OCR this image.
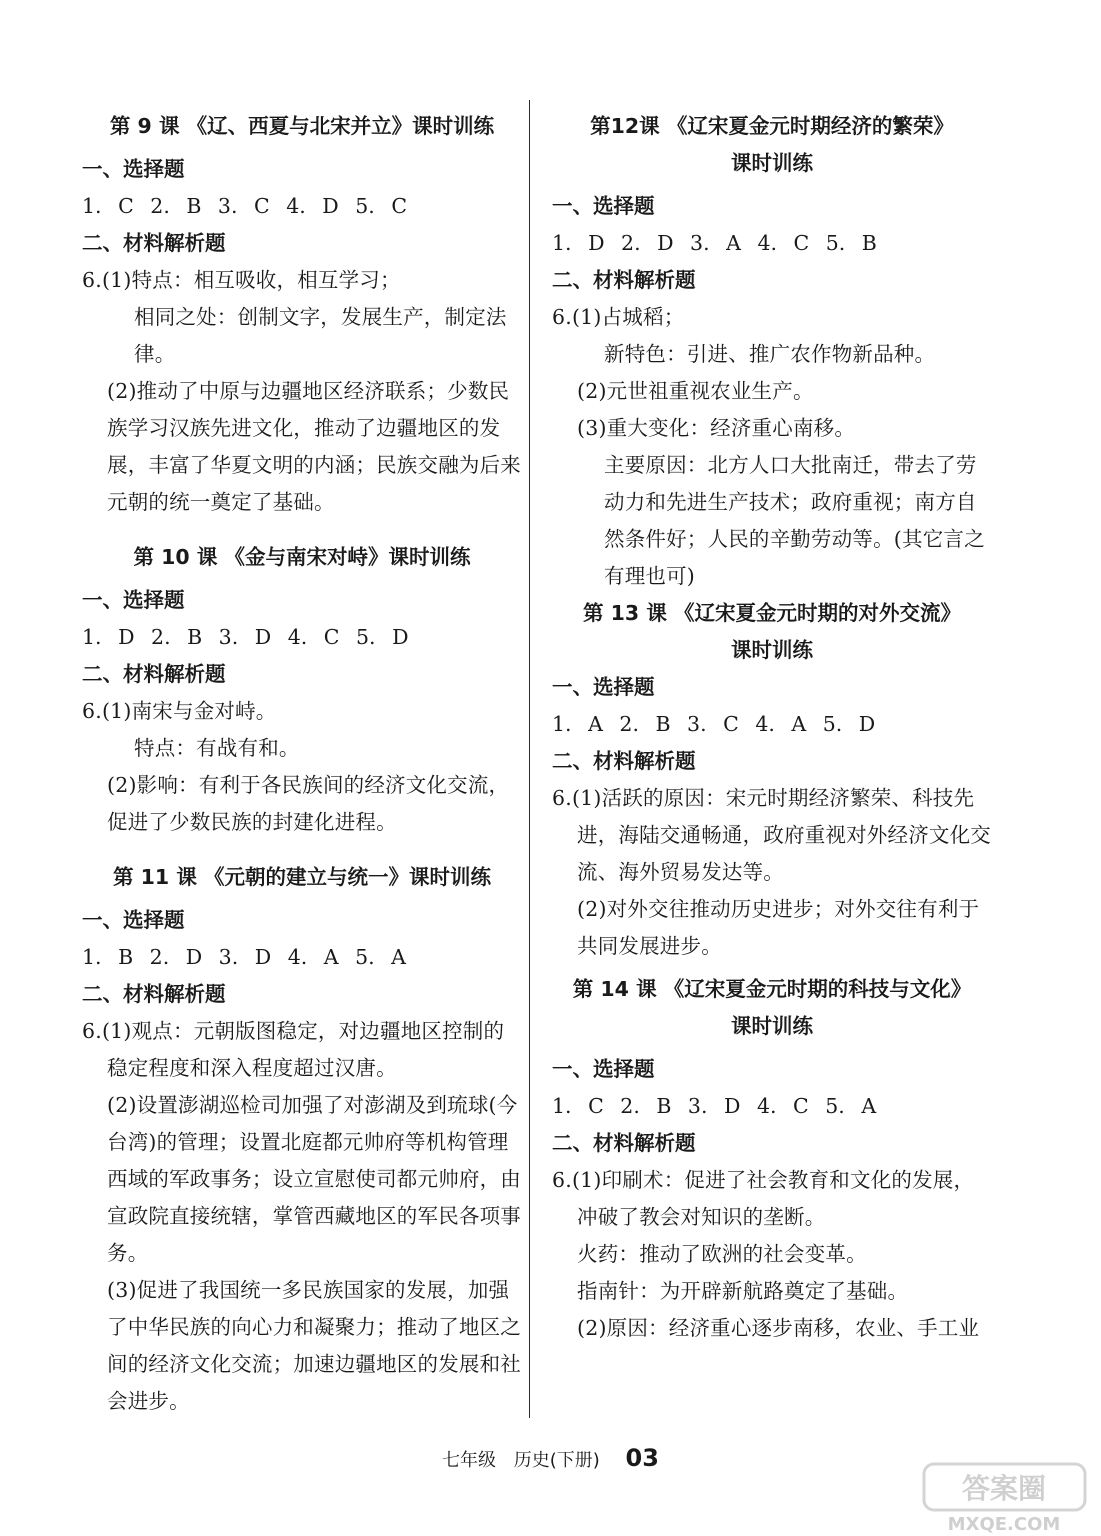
第 9 课 《辽、西夏与北宋并立》课时训练

一、选择题

1. C 2. B 3. C 4. D 5. C

二、材料解析题

6.(1)特点：相互吸收，相互学习；

相同之处：创制文字，发展生产，制定法律。

(2)推动了中原与边疆地区经济联系；少数民族学习汉族先进文化，推动了边疆地区的发展，丰富了华夏文明的内涵；民族交融为后来元朝的统一奠定了基础。

第 10 课 《金与南宋对峙》课时训练

一、选择题

1. D 2. B 3. D 4. C 5. D

二、材料解析题

6.(1)南宋与金对峙。

特点：有战有和。

(2)影响：有利于各民族间的经济文化交流，促进了少数民族的封建化进程。

第 11 课 《元朝的建立与统一》课时训练

一、选择题

1. B 2. D 3. D 4. A 5. A

二、材料解析题

6.(1)观点：元朝版图稳定，对边疆地区控制的稳定程度和深入程度超过汉唐。

(2)设置澎湖巡检司加强了对澎湖及到琉球(今台湾)的管理；设置北庭都元帅府等机构管理西域的军政事务；设立宣慰使司都元帅府，由宣政院直接统辖，掌管西藏地区的军民各项事务。

(3)促进了我国统一多民族国家的发展，加强了中华民族的向心力和凝聚力；推动了地区之间的经济文化交流；加速边疆地区的发展和社会进步。

第12课 《辽宋夏金元时期经济的繁荣》

课时训练

一、选择题

1. D 2. D 3. A 4. C 5. B

二、材料解析题

6.(1)占城稻；

新特色：引进、推广农作物新品种。

(2)元世祖重视农业生产。

(3)重大变化：经济重心南移。

主要原因：北方人口大批南迁，带去了劳动力和先进生产技术；政府重视；南方自然条件好；人民的辛勤劳动等。(其它言之有理也可)

第 13 课 《辽宋夏金元时期的对外交流》

课时训练

一、选择题

1. A 2. B 3. C 4. A 5. D

二、材料解析题

6.(1)活跃的原因：宋元时期经济繁荣、科技先进，海陆交通畅通，政府重视对外经济文化交流、海外贸易发达等。

(2)对外交往推动历史进步；对外交往有利于共同发展进步。

第 14 课 《辽宋夏金元时期的科技与文化》

课时训练

一、选择题

1. C 2. B 3. D 4. C 5. A

二、材料解析题

6.(1)印刷术：促进了社会教育和文化的发展，冲破了教会对知识的垄断。

火药：推动了欧洲的社会变革。

指南针：为开辟新航路奠定了基础。

(2)原因：经济重心逐步南移，农业、手工业

七年级 历史(下册) 03
答案圈
MXQE.COM
